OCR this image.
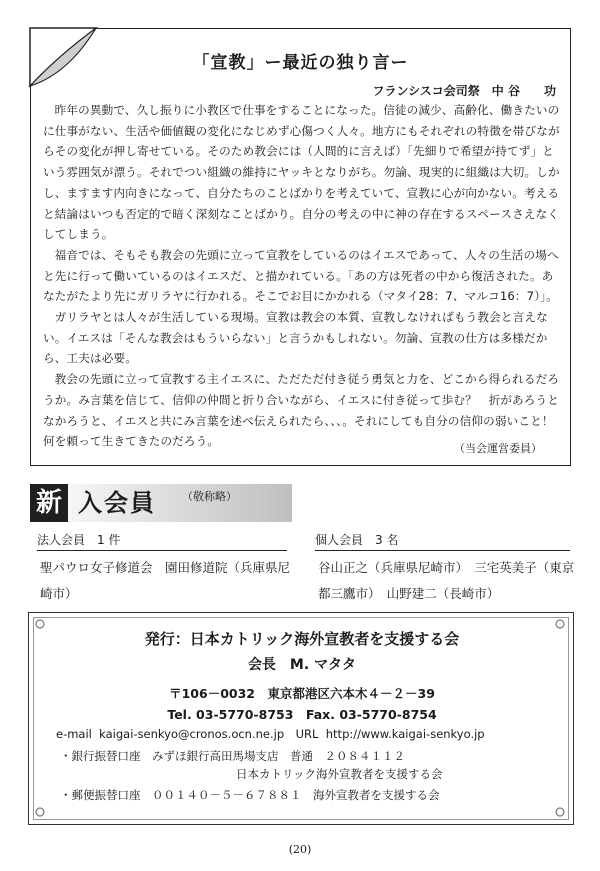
「宣教」ー最近の独り言ー
フランシスコ会司祭　中 谷　　功

昨年の異動で、久し振りに小教区で仕事をすることになった。信徒の減少、高齢化、働きたいのに仕事がない、生活や価値観の変化になじめず心傷つく人々。地方にもそれぞれの特徴を帯びながらその変化が押し寄せている。そのため教会には（人間的に言えば）「先細りで希望が持てず」という雰囲気が漂う。それでつい組織の維持にヤッキとなりがち。勿論、現実的に組織は大切。しかし、ますます内向きになって、自分たちのことばかりを考えていて、宣教に心が向かない。考えると結論はいつも否定的で暗く深刻なことばかり。自分の考えの中に神の存在するスペースさえなくしてしまう。

福音では、そもそも教会の先頭に立って宣教をしているのはイエスであって、人々の生活の場へと先に行って働いているのはイエスだ、と描かれている。「あの方は死者の中から復活された。あなたがたより先にガリラヤに行かれる。そこでお目にかかれる（マタイ28：7、マルコ16：7）」。

ガリラヤとは人々が生活している現場。宣教は教会の本質、宣教しなければもう教会と言えない。イエスは「そんな教会はもういらない」と言うかもしれない。勿論、宣教の仕方は多様だから、工夫は必要。

教会の先頭に立って宣教する主イエスに、ただただ付き従う勇気と力を、どこから得られるだろうか。み言葉を信じて、信仰の仲間と折り合いながら、イエスに付き従って歩む？　折があろうとなかろうと、イエスと共にみ言葉を述べ伝えられたら、、、。それにしても自分の信仰の弱いこと！　何を頼って生きてきたのだろう。

（当会運営委員）
新 入会員 （敬称略）
法人会員　1 件	個人会員　3 名
聖パウロ女子修道会　園田修道院（兵庫県尼崎市）
谷山正之（兵庫県尼崎市）　三宅英美子（東京都三鷹市）　山野建二（長崎市）
発行：日本カトリック海外宣教者を支援する会
会長　M. マタタ
〒106－0032　東京都港区六本木４－２－39
Tel. 03-5770-8753　Fax. 03-5770-8754
e-mail  kaigai-senkyo@cronos.ocn.ne.jp　URL  http://www.kaigai-senkyo.jp
・銀行振替口座　みずほ銀行高田馬場支店　普通　２０８４１１２
日本カトリック海外宣教者を支援する会
・郵便振替口座　００１４０－５－６７８８１　海外宣教者を支援する会
(20)
